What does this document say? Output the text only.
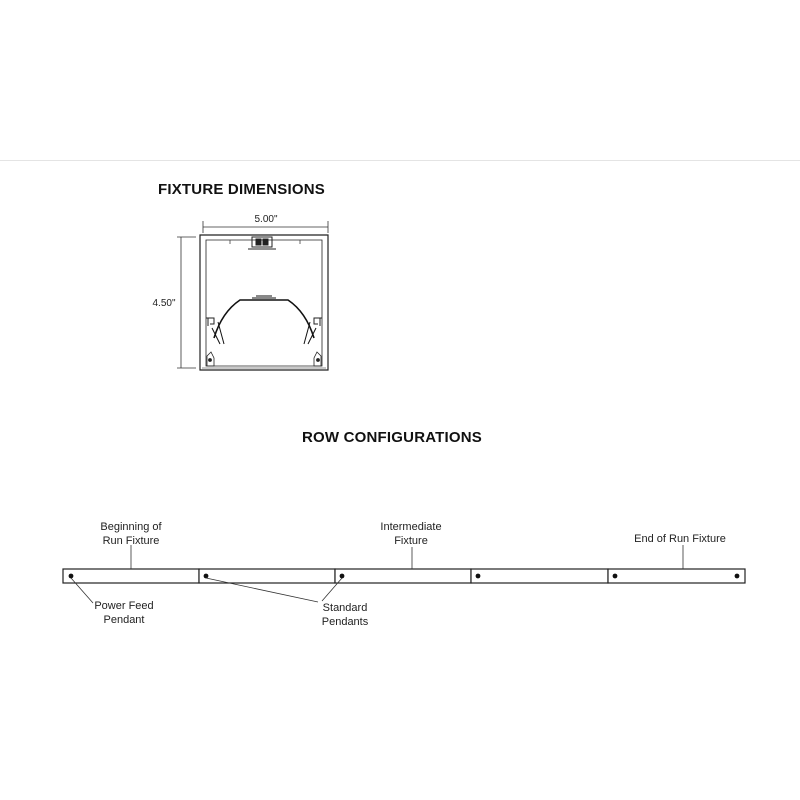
FIXTURE DIMENSIONS
ROW CONFIGURATIONS
5.00"
4.50"
Beginning of
Run Fixture
Intermediate
Fixture	End of Run Fixture
Power Feed
Pendant
Standard
Pendants
